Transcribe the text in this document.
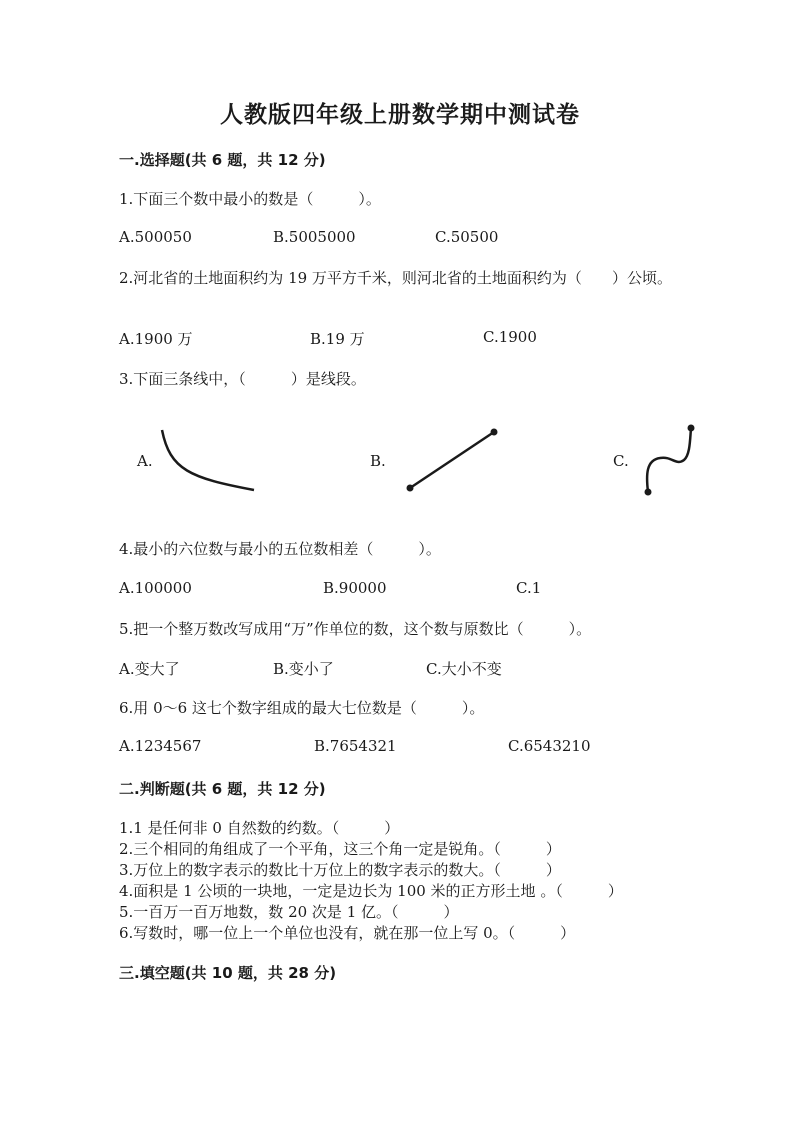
人教版四年级上册数学期中测试卷
一.选择题(共 6 题，共 12 分)
1.下面三个数中最小的数是（　　　）。
A.500050	B.5005000	C.50500
2.河北省的土地面积约为 19 万平方千米，则河北省的土地面积约为（　　）公顷。
A.1900 万	B.19 万	C.1900
3.下面三条线中，（　　　）是线段。
A.	B.	C.
4.最小的六位数与最小的五位数相差（　　　）。
A.100000	B.90000	C.1
5.把一个整万数改写成用“万”作单位的数，这个数与原数比（　　　）。
A.变大了	B.变小了	C.大小不变
6.用 0～6 这七个数字组成的最大七位数是（　　　）。
A.1234567	B.7654321	C.6543210
二.判断题(共 6 题，共 12 分)
1.1 是任何非 0 自然数的约数。（　　　）
2.三个相同的角组成了一个平角，这三个角一定是锐角。（　　　）
3.万位上的数字表示的数比十万位上的数字表示的数大。（　　　）
4.面积是 1 公顷的一块地，一定是边长为 100 米的正方形土地 。（　　　）
5.一百万一百万地数，数 20 次是 1 亿。（　　　）
6.写数时，哪一位上一个单位也没有，就在那一位上写 0。（　　　）
三.填空题(共 10 题，共 28 分)
